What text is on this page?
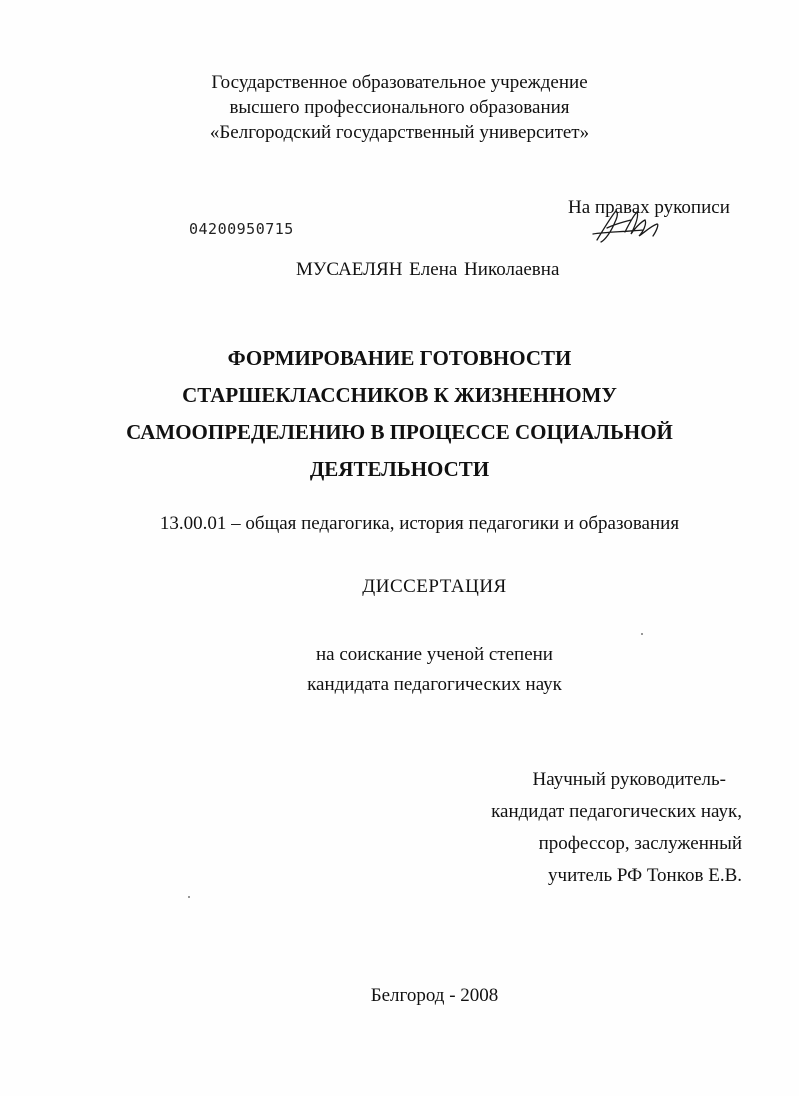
Государственное образовательное учреждение
высшего профессионального образования
«Белгородский государственный университет»
На правах рукописи
04200950715
МУСАЕЛЯН Елена Николаевна
ФОРМИРОВАНИЕ ГОТОВНОСТИ
СТАРШЕКЛАССНИКОВ К ЖИЗНЕННОМУ
САМООПРЕДЕЛЕНИЮ В ПРОЦЕССЕ СОЦИАЛЬНОЙ
ДЕЯТЕЛЬНОСТИ
13.00.01 – общая педагогика, история педагогики и образования
ДИССЕРТАЦИЯ
на соискание ученой степени
кандидата педагогических наук
Научный руководитель-
кандидат педагогических наук,
профессор, заслуженный
учитель РФ Тонков Е.В.
Белгород - 2008
